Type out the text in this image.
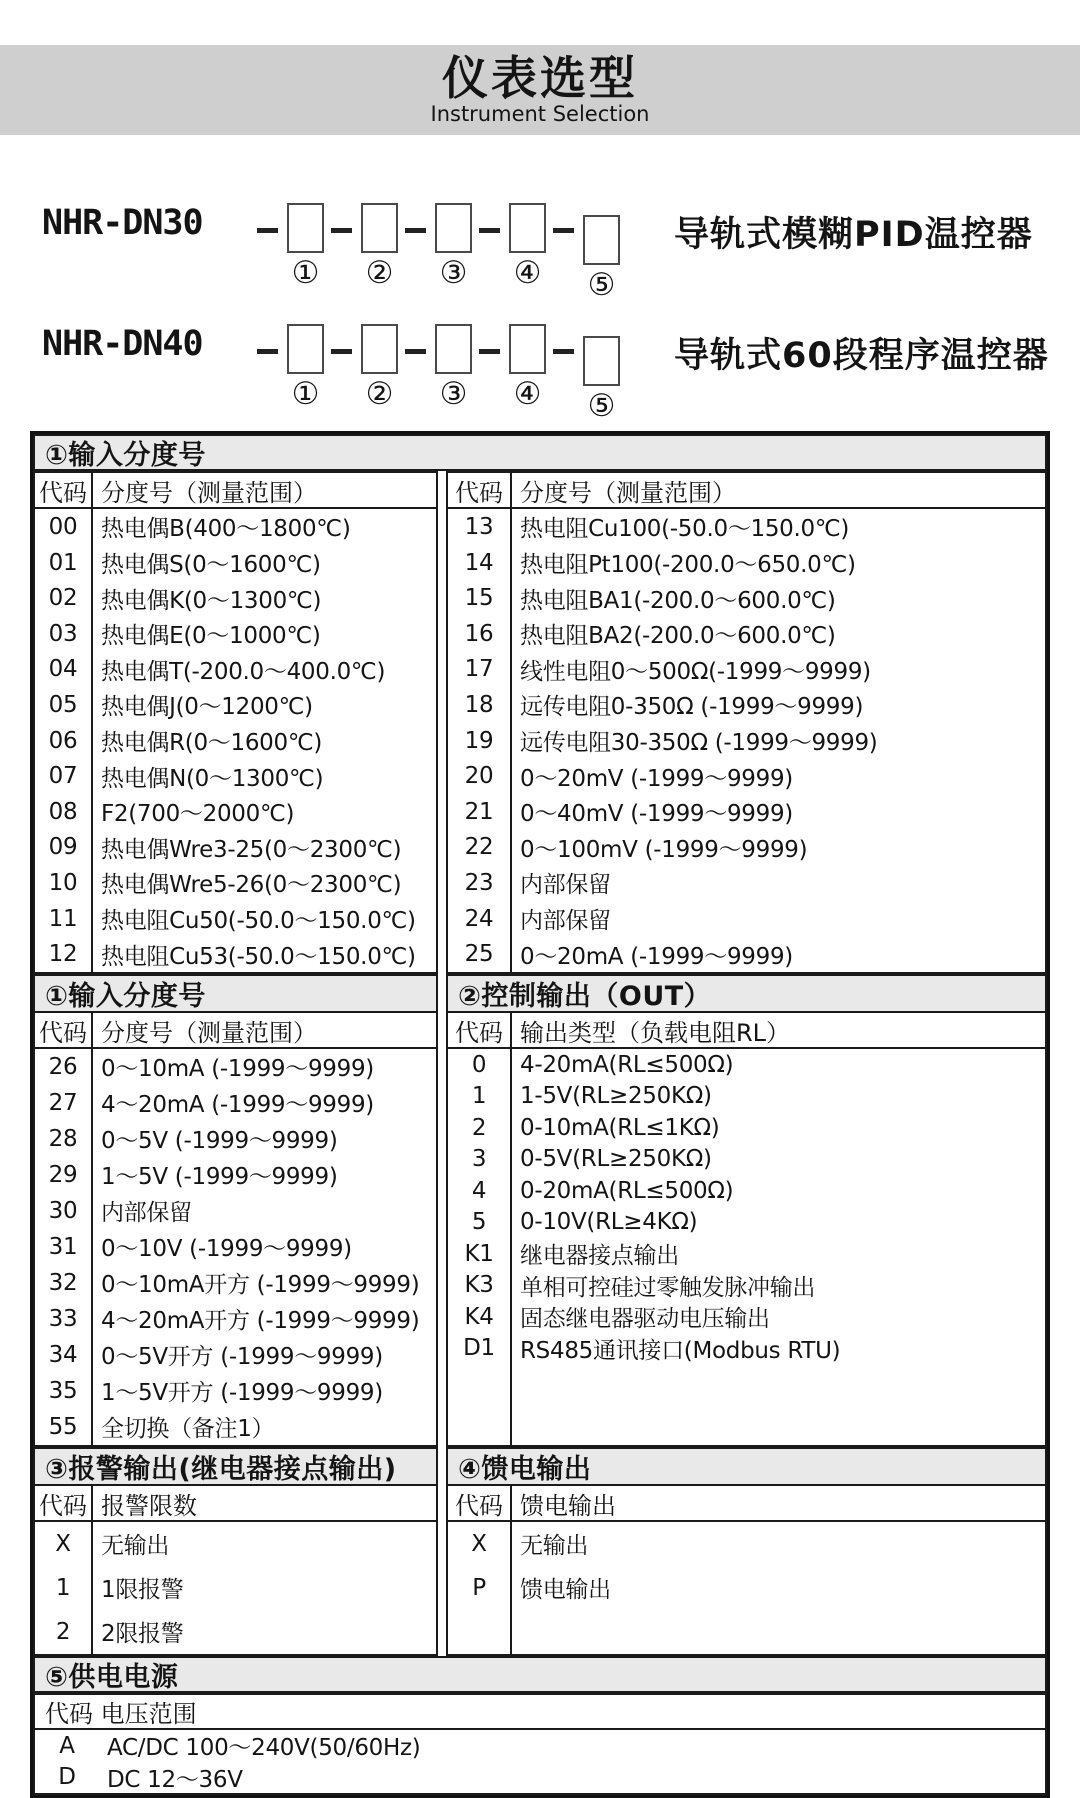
仪表选型
Instrument Selection
NHR-DN30
① ② ③ ④ ⑤
导轨式模糊PID温控器
NHR-DN40
① ② ③ ④ ⑤
导轨式60段程序温控器
①输入分度号
代码 分度号（测量范围）
00	热电偶B(400～1800℃)
01	热电偶S(0～1600℃)
02	热电偶K(0～1300℃)
03	热电偶E(0～1000℃)
04	热电偶T(-200.0～400.0℃)
05	热电偶J(0～1200℃)
06	热电偶R(0～1600℃)
07	热电偶N(0～1300℃)
08	F2(700～2000℃)
09	热电偶Wre3-25(0～2300℃)
10	热电偶Wre5-26(0～2300℃)
11	热电阻Cu50(-50.0～150.0℃)
12	热电阻Cu53(-50.0～150.0℃)
代码 分度号（测量范围）
13	热电阻Cu100(-50.0～150.0℃)
14	热电阻Pt100(-200.0～650.0℃)
15	热电阻BA1(-200.0～600.0℃)
16	热电阻BA2(-200.0～600.0℃)
17	线性电阻0～500Ω(-1999～9999)
18	远传电阻0-350Ω (-1999～9999)
19	远传电阻30-350Ω (-1999～9999)
20	0～20mV (-1999～9999)
21	0～40mV (-1999～9999)
22	0～100mV (-1999～9999)
23	内部保留
24	内部保留
25	0～20mA (-1999～9999)
①输入分度号
代码 分度号（测量范围）
26	0～10mA (-1999～9999)
27	4～20mA (-1999～9999)
28	0～5V (-1999～9999)
29	1～5V (-1999～9999)
30	内部保留
31	0～10V (-1999～9999)
32	0～10mA开方 (-1999～9999)
33	4～20mA开方 (-1999～9999)
34	0～5V开方 (-1999～9999)
35	1～5V开方 (-1999～9999)
55	全切换（备注1）
②控制输出（OUT）
代码 输出类型（负载电阻RL）
0	4-20mA(RL≤500Ω)
1	1-5V(RL≥250KΩ)
2	0-10mA(RL≤1KΩ)
3	0-5V(RL≥250KΩ)
4	0-20mA(RL≤500Ω)
5	0-10V(RL≥4KΩ)
K1	继电器接点输出
K3	单相可控硅过零触发脉冲输出
K4	固态继电器驱动电压输出
D1	RS485通讯接口(Modbus RTU)
③报警输出(继电器接点输出)
代码 报警限数
X	无输出
1	1限报警
2	2限报警
④馈电输出
代码 馈电输出
X	无输出
P	馈电输出
⑤供电电源
代码 电压范围
A	AC/DC 100～240V(50/60Hz)
D	DC 12～36V
